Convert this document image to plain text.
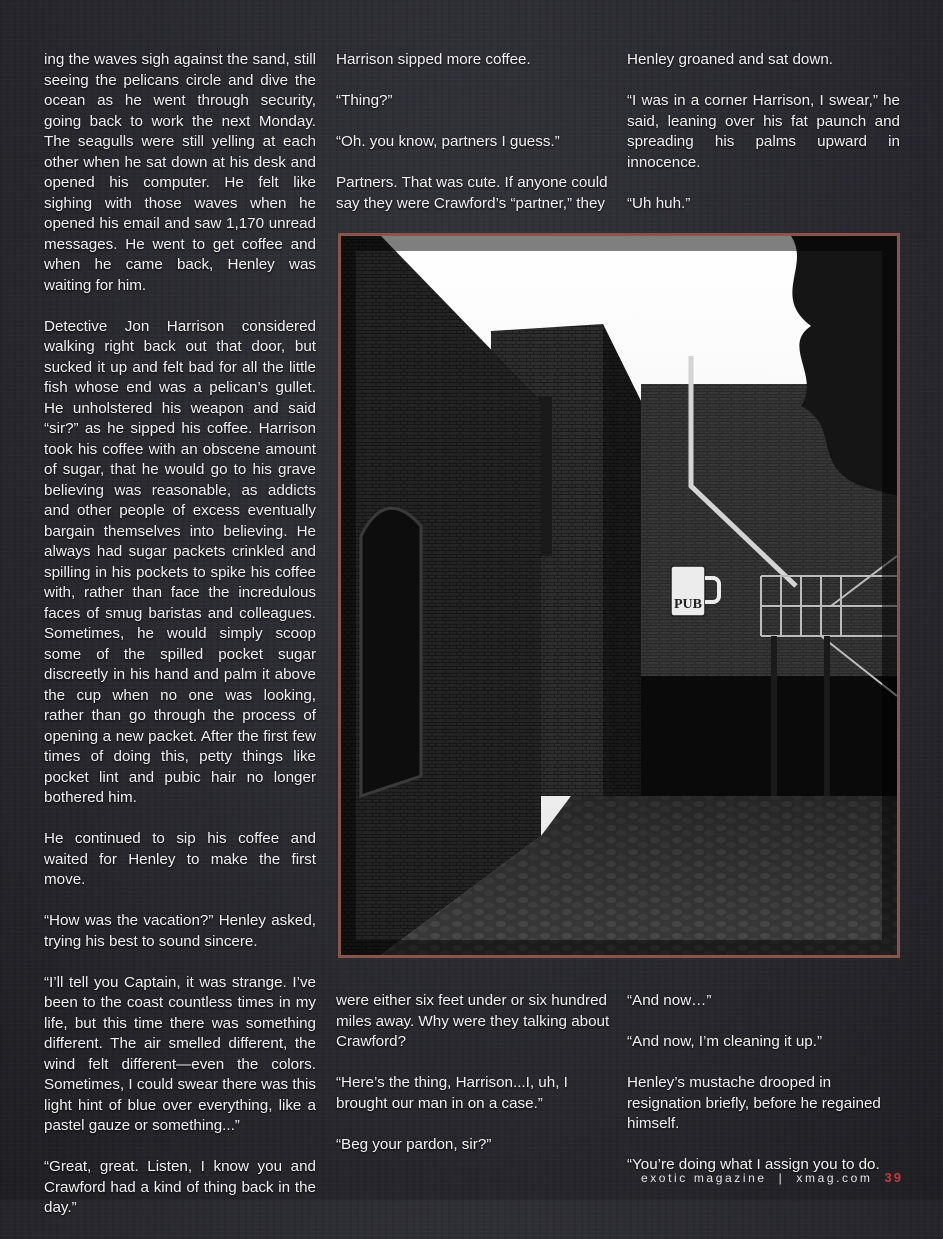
ing the waves sigh against the sand, still seeing the pelicans circle and dive the ocean as he went through security, going back to work the next Monday. The seagulls were still yelling at each other when he sat down at his desk and opened his computer. He felt like sighing with those waves when he opened his email and saw 1,170 unread messages. He went to get coffee and when he came back, Henley was waiting for him.

Detective Jon Harrison considered walking right back out that door, but sucked it up and felt bad for all the little fish whose end was a pelican’s gullet. He unholstered his weapon and said “sir?” as he sipped his coffee. Harrison took his coffee with an obscene amount of sugar, that he would go to his grave believing was reasonable, as addicts and other people of excess eventually bargain themselves into believing. He always had sugar packets crinkled and spilling in his pockets to spike his coffee with, rather than face the incredulous faces of smug baristas and colleagues. Sometimes, he would simply scoop some of the spilled pocket sugar discreetly in his hand and palm it above the cup when no one was looking, rather than go through the process of opening a new packet. After the first few times of doing this, petty things like pocket lint and pubic hair no longer bothered him.

He continued to sip his coffee and waited for Henley to make the first move.

“How was the vacation?” Henley asked, trying his best to sound sincere.

“I’ll tell you Captain, it was strange. I’ve been to the coast countless times in my life, but this time there was something different. The air smelled different, the wind felt different—even the colors. Sometimes, I could swear there was this light hint of blue over everything, like a pastel gauze or something...”

“Great, great. Listen, I know you and Crawford had a kind of thing back in the day.”

Harrison sipped more coffee.

“Thing?”

“Oh. you know, partners I guess.”

Partners. That was cute. If anyone could say they were Crawford’s “partner,” they

Henley groaned and sat down.

“I was in a corner Harrison, I swear,” he said, leaning over his fat paunch and spreading his palms upward in innocence.

“Uh huh.”

PUB

were either six feet under or six hundred miles away. Why were they talking about Crawford?

“Here’s the thing, Harrison...I, uh, I brought our man in on a case.”

“Beg your pardon, sir?”

“And now…”

“And now, I’m cleaning it up.”

Henley’s mustache drooped in resignation briefly, before he regained himself.

“You’re doing what I assign you to do.

exotic magazine | xmag.com 39
